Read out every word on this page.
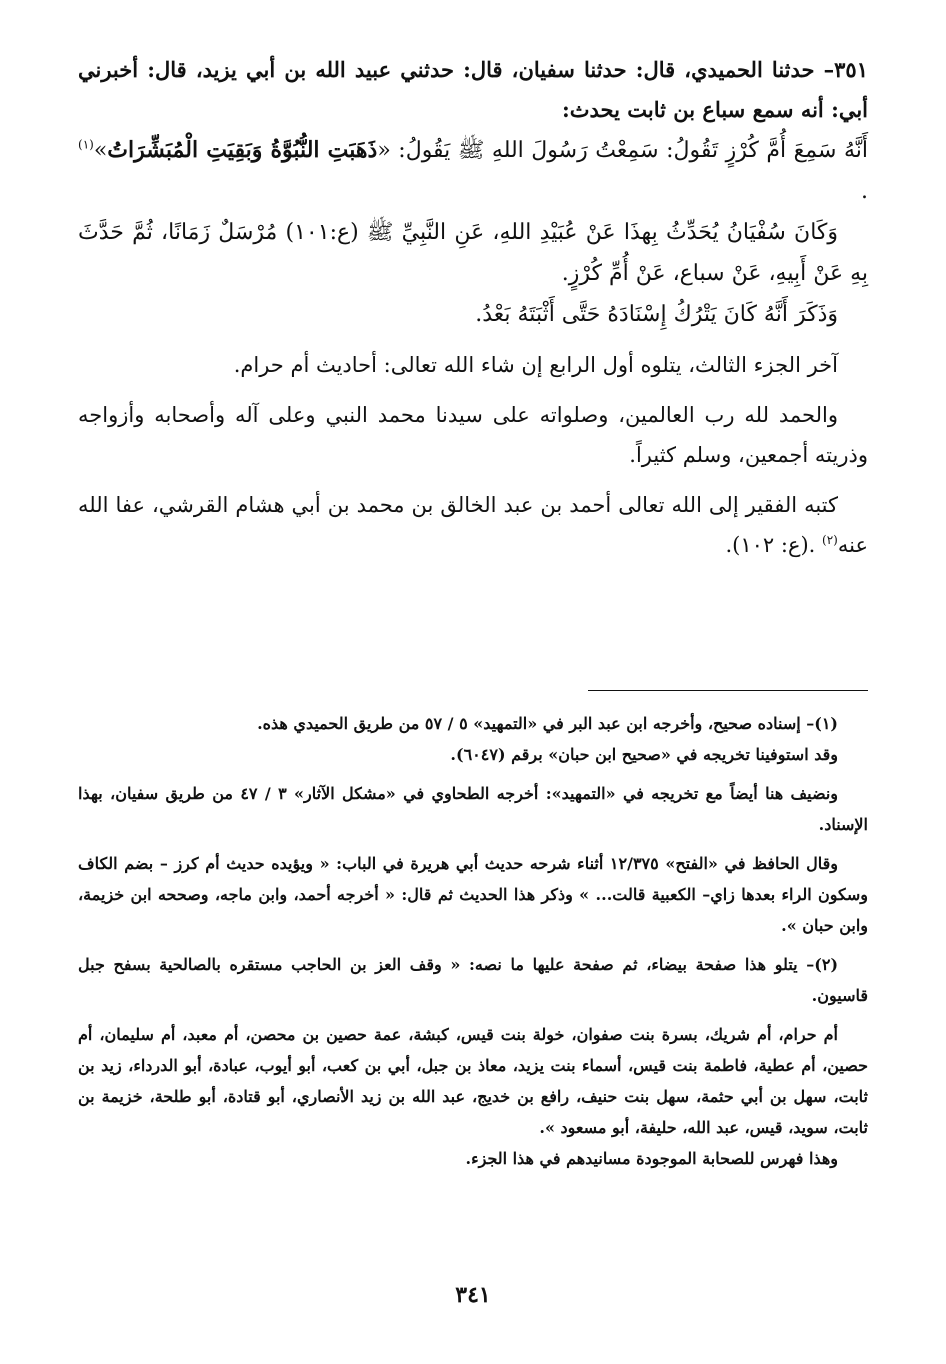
٣٥١– حدثنا الحميدي، قال: حدثنا سفيان، قال: حدثني عبيد الله بن أبي يزيد، قال: أخبرني أبي: أنه سمع سباع بن ثابت يحدث:

أَنَّهُ سَمِعَ أُمَّ كُرْزٍ تَقُولُ: سَمِعْتُ رَسُولَ اللهِ ﷺ يَقُولُ: «ذَهَبَتِ النُّبُوَّةُ وَبَقِيَتِ الْمُبَشِّرَاتُ»$^{(١)}$ .

وَكَانَ سُفْيَانُ يُحَدِّثُ بِهذَا عَنْ عُبَيْدِ اللهِ، عَنِ النَّبِيِّ ﷺ (ع:١٠١) مُرْسَلٌ زَمَانًا، ثُمَّ حَدَّثَ بِهِ عَنْ أَبِيهِ، عَنْ سباع، عَنْ أُمِّ كُرْزٍ.

وَذَكَرَ أَنَّهُ كَانَ يَتْرُكُ إِسْنَادَهُ حَتَّى أَثْبَتَهُ بَعْدُ.

آخر الجزء الثالث، يتلوه أول الرابع إن شاء الله تعالى: أحاديث أم حرام.

والحمد لله رب العالمين، وصلواته على سيدنا محمد النبي وعلى آله وأصحابه وأزواجه وذريته أجمعين، وسلم كثيراً.

كتبه الفقير إلى الله تعالى أحمد بن عبد الخالق بن محمد بن أبي هشام القرشي، عفا الله عنه$^{(٢)}$ .(ع: ١٠٢).

(١)– إسناده صحيح، وأخرجه ابن عبد البر في «التمهيد» ٥ / ٥٧ من طريق الحميدي هذه.

وقد استوفينا تخريجه في «صحيح ابن حبان» برقم (٦٠٤٧).

ونضيف هنا أيضاً مع تخريجه في «التمهيد»: أخرجه الطحاوي في «مشكل الآثار» ٣ / ٤٧ من طريق سفيان، بهذا الإسناد.

وقال الحافظ في «الفتح» ١٢/٣٧٥ أثناء شرحه حديث أبي هريرة في الباب: « ويؤيده حديث أم كرز – بضم الكاف وسكون الراء بعدها زاي– الكعبية قالت... » وذكر هذا الحديث ثم قال: « أخرجه أحمد، وابن ماجه، وصححه ابن خزيمة، وابن حبان ».

(٢)– يتلو هذا صفحة بيضاء، ثم صفحة عليها ما نصه: « وقف العز بن الحاجب مستقره بالصالحية بسفح جبل قاسيون.

أم حرام، أم شريك، بسرة بنت صفوان، خولة بنت قيس، كبشة، عمة حصين بن محصن، أم معبد، أم سليمان، أم حصين، أم عطية، فاطمة بنت قيس، أسماء بنت يزيد، معاذ بن جبل، أبي بن كعب، أبو أيوب، عبادة، أبو الدرداء، زيد بن ثابت، سهل بن أبي حثمة، سهل بنت حنيف، رافع بن خديج، عبد الله بن زيد الأنصاري، أبو قتادة، أبو طلحة، خزيمة بن ثابت، سويد، قيس، عبد الله، حليفة، أبو مسعود ».

وهذا فهرس للصحابة الموجودة مسانيدهم في هذا الجزء.

٣٤١
